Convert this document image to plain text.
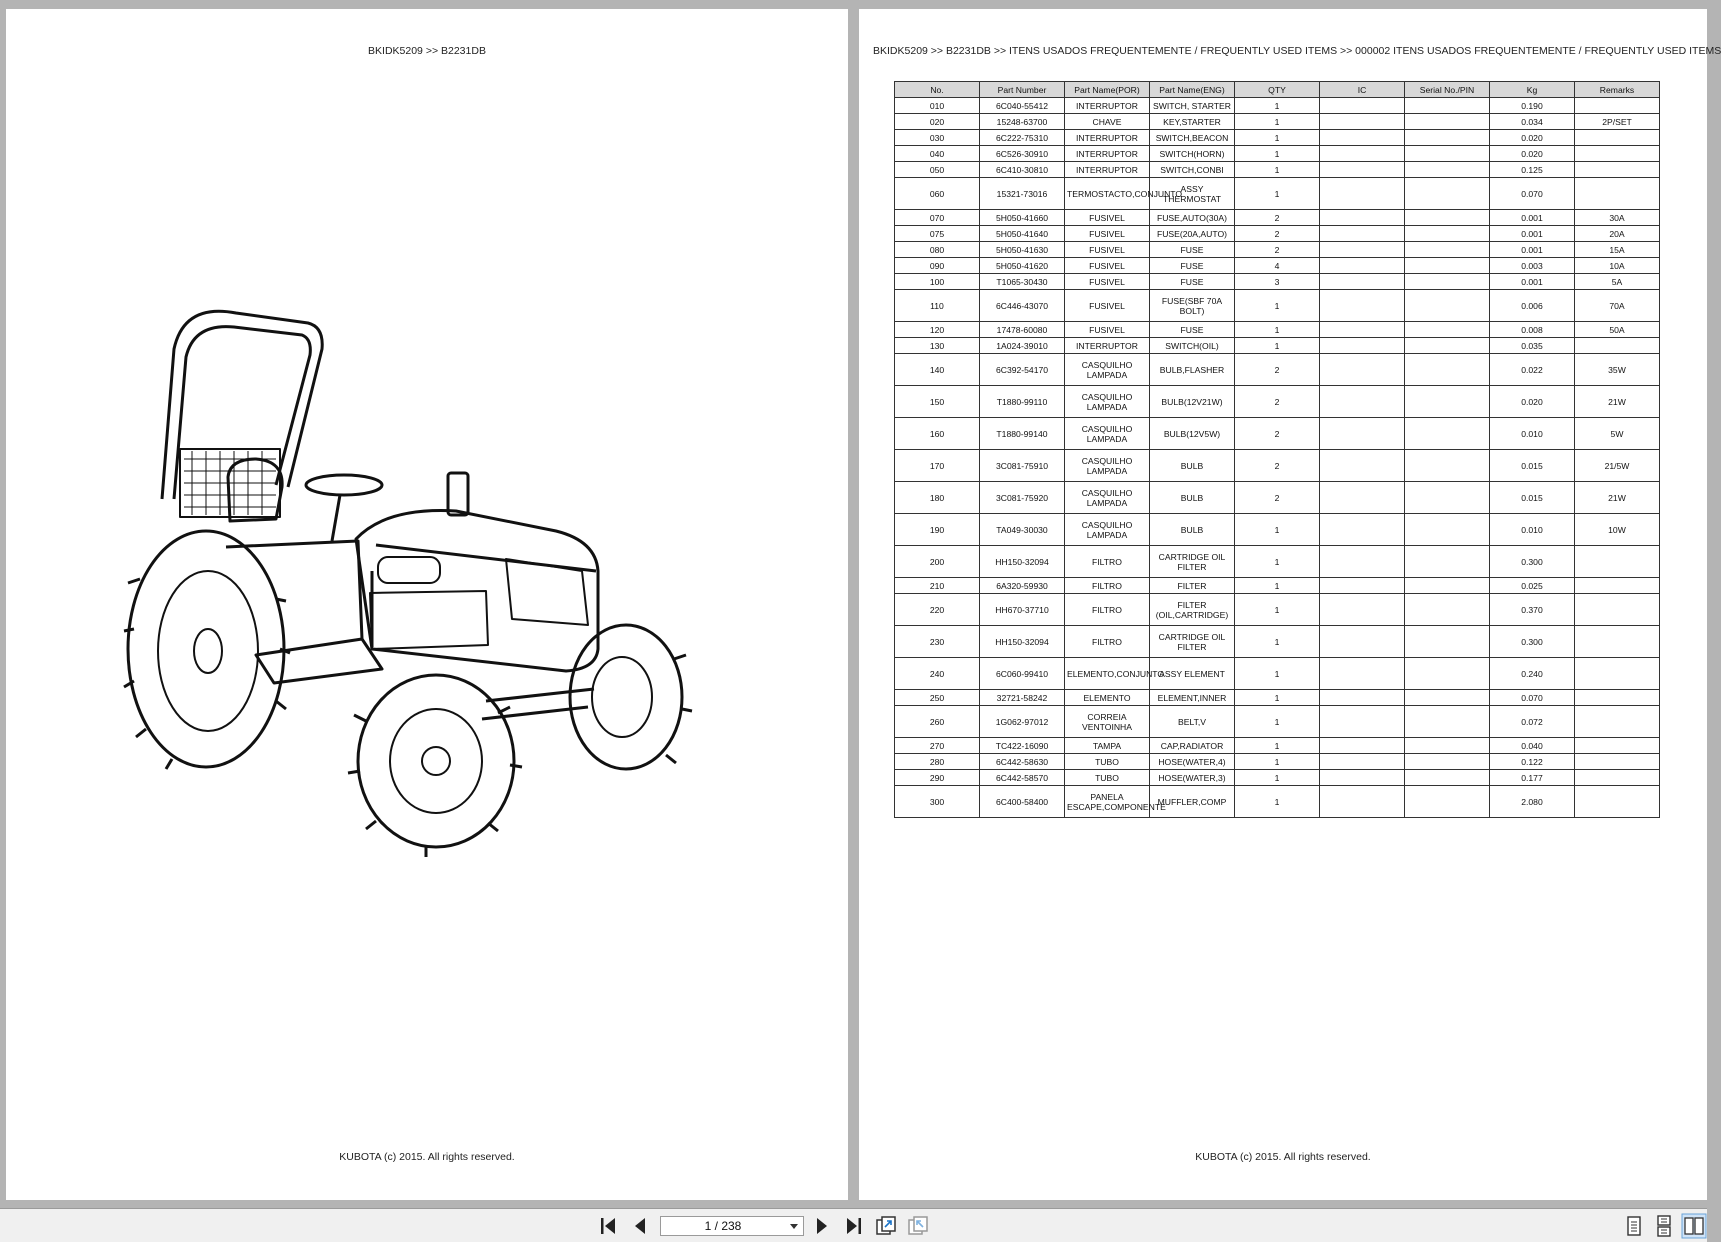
BKIDK5209 >> B2231DB
KUBOTA (c) 2015. All rights reserved.
BKIDK5209 >> B2231DB >> ITENS USADOS FREQUENTEMENTE / FREQUENTLY USED ITEMS >> 000002 ITENS USADOS FREQUENTEMENTE / FREQUENTLY USED ITEMS
No.	Part Number	Part Name(POR)	Part Name(ENG)	QTY	IC	Serial No./PIN	Kg	Remarks
010	6C040-55412	INTERRUPTOR	SWITCH, STARTER	1			0.190	
020	15248-63700	CHAVE	KEY,STARTER	1			0.034	2P/SET
030	6C222-75310	INTERRUPTOR	SWITCH,BEACON	1			0.020	
040	6C526-30910	INTERRUPTOR	SWITCH(HORN)	1			0.020	
050	6C410-30810	INTERRUPTOR	SWITCH,CONBI	1			0.125	
060	15321-73016	TERMOSTACTO,CONJUNTO	ASSY THERMOSTAT	1			0.070	
070	5H050-41660	FUSIVEL	FUSE,AUTO(30A)	2			0.001	30A
075	5H050-41640	FUSIVEL	FUSE(20A,AUTO)	2			0.001	20A
080	5H050-41630	FUSIVEL	FUSE	2			0.001	15A
090	5H050-41620	FUSIVEL	FUSE	4			0.003	10A
100	T1065-30430	FUSIVEL	FUSE	3			0.001	5A
110	6C446-43070	FUSIVEL	FUSE(SBF 70A BOLT)	1			0.006	70A
120	17478-60080	FUSIVEL	FUSE	1			0.008	50A
130	1A024-39010	INTERRUPTOR	SWITCH(OIL)	1			0.035	
140	6C392-54170	CASQUILHO LAMPADA	BULB,FLASHER	2			0.022	35W
150	T1880-99110	CASQUILHO LAMPADA	BULB(12V21W)	2			0.020	21W
160	T1880-99140	CASQUILHO LAMPADA	BULB(12V5W)	2			0.010	5W
170	3C081-75910	CASQUILHO LAMPADA	BULB	2			0.015	21/5W
180	3C081-75920	CASQUILHO LAMPADA	BULB	2			0.015	21W
190	TA049-30030	CASQUILHO LAMPADA	BULB	1			0.010	10W
200	HH150-32094	FILTRO	CARTRIDGE OIL FILTER	1			0.300	
210	6A320-59930	FILTRO	FILTER	1			0.025	
220	HH670-37710	FILTRO	FILTER (OIL,CARTRIDGE)	1			0.370	
230	HH150-32094	FILTRO	CARTRIDGE OIL FILTER	1			0.300	
240	6C060-99410	ELEMENTO,CONJUNTO	ASSY ELEMENT	1			0.240	
250	32721-58242	ELEMENTO	ELEMENT,INNER	1			0.070	
260	1G062-97012	CORREIA VENTOINHA	BELT,V	1			0.072	
270	TC422-16090	TAMPA	CAP,RADIATOR	1			0.040	
280	6C442-58630	TUBO	HOSE(WATER,4)	1			0.122	
290	6C442-58570	TUBO	HOSE(WATER,3)	1			0.177	
300	6C400-58400	PANELA ESCAPE,COMPONENTE	MUFFLER,COMP	1			2.080	
KUBOTA (c) 2015. All rights reserved.
1 / 238
